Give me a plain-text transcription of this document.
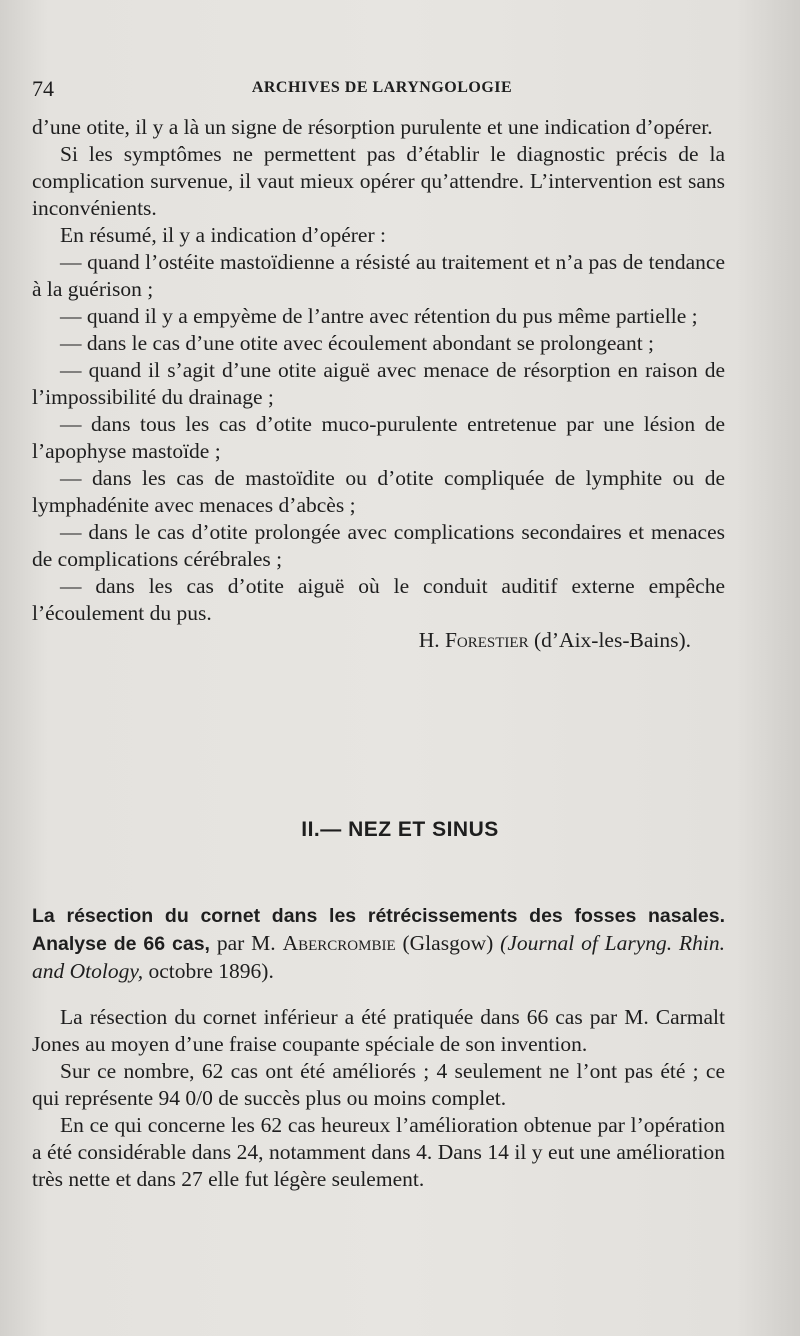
74	ARCHIVES DE LARYNGOLOGIE

d’une otite, il y a là un signe de résorption purulente et une indication d’opérer.

Si les symptômes ne permettent pas d’établir le diagnostic précis de la complication survenue, il vaut mieux opérer qu’attendre. L’intervention est sans inconvénients.

En résumé, il y a indication d’opérer :

— quand l’ostéite mastoïdienne a résisté au traitement et n’a pas de tendance à la guérison ;

— quand il y a empyème de l’antre avec rétention du pus même partielle ;

— dans le cas d’une otite avec écoulement abondant se prolongeant ;

— quand il s’agit d’une otite aiguë avec menace de résorption en raison de l’impossibilité du drainage ;

— dans tous les cas d’otite muco-purulente entretenue par une lésion de l’apophyse mastoïde ;

— dans les cas de mastoïdite ou d’otite compliquée de lymphite ou de lymphadénite avec menaces d’abcès ;

— dans le cas d’otite prolongée avec complications secondaires et menaces de complications cérébrales ;

— dans les cas d’otite aiguë où le conduit auditif externe empêche l’écoulement du pus.

H. Forestier (d’Aix-les-Bains).

II.— NEZ ET SINUS

La résection du cornet dans les rétrécissements des fosses nasales. Analyse de 66 cas, par M. Abercrombie (Glasgow) (Journal of Laryng. Rhin. and Otology, octobre 1896).

La résection du cornet inférieur a été pratiquée dans 66 cas par M. Carmalt Jones au moyen d’une fraise coupante spéciale de son invention.

Sur ce nombre, 62 cas ont été améliorés ; 4 seulement ne l’ont pas été ; ce qui représente 94 0/0 de succès plus ou moins complet.

En ce qui concerne les 62 cas heureux l’amélioration obtenue par l’opération a été considérable dans 24, notamment dans 4. Dans 14 il y eut une amélioration très nette et dans 27 elle fut légère seulement.
